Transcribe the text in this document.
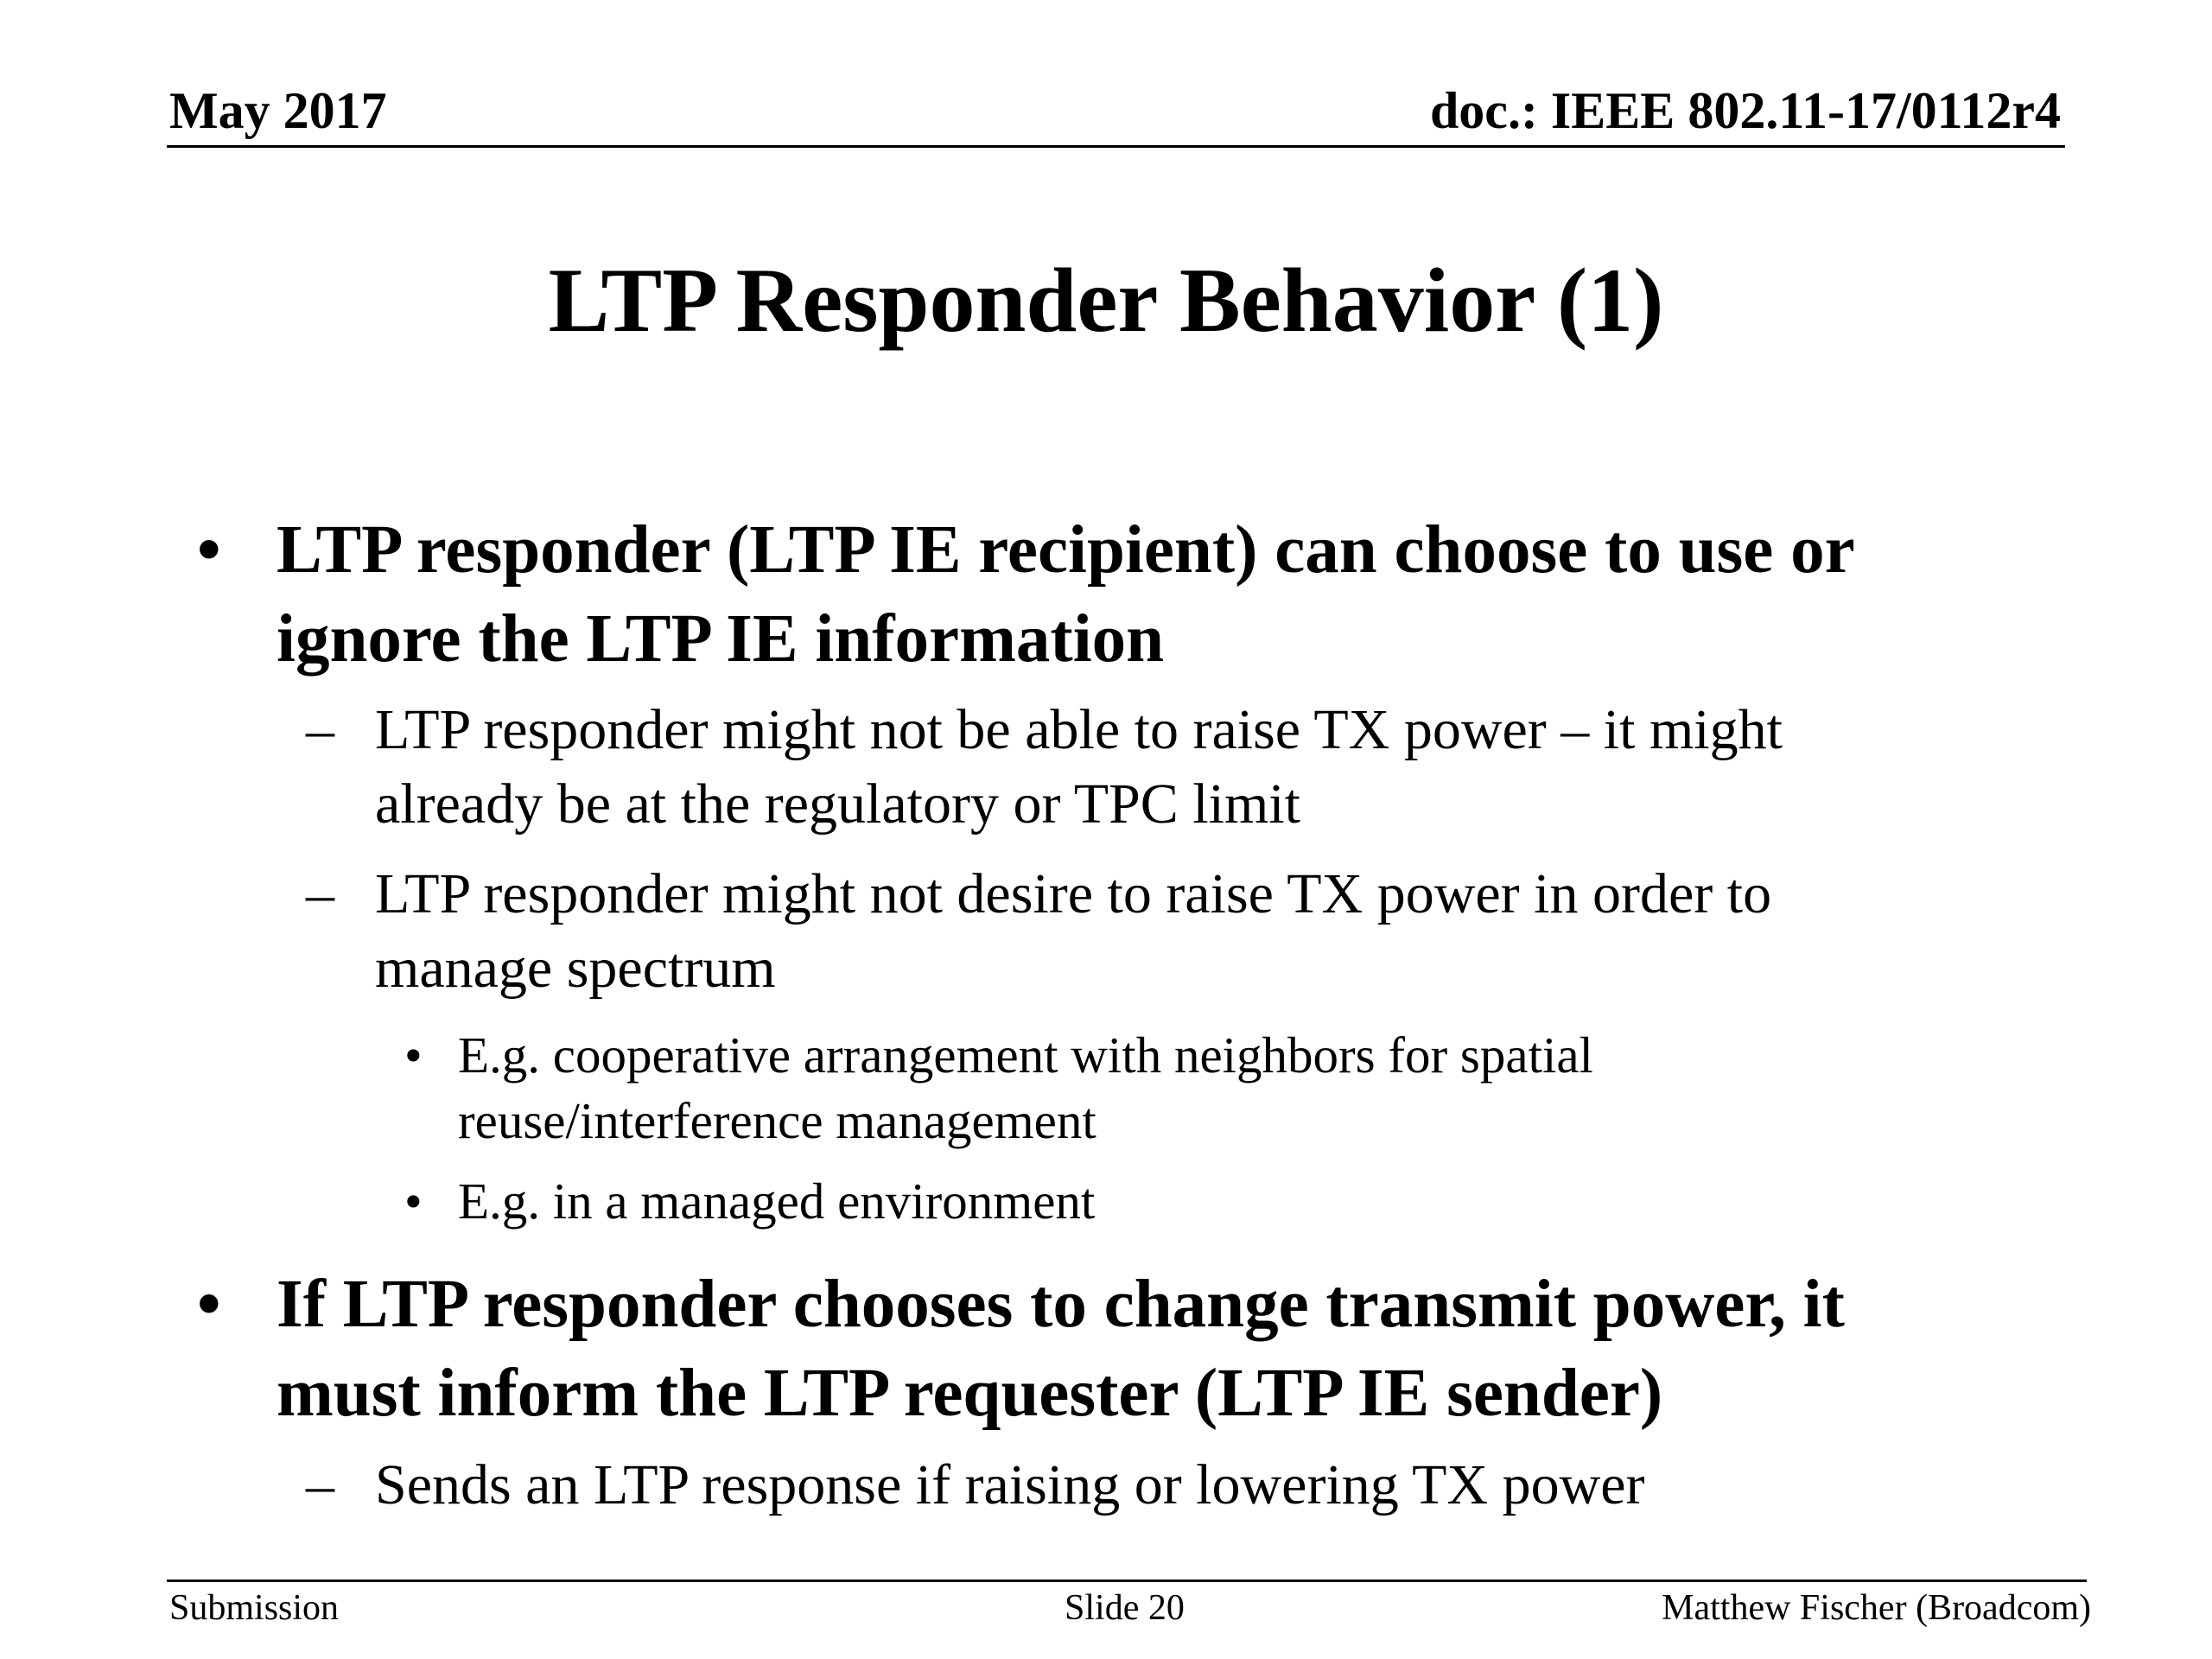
May 2017	doc.: IEEE 802.11-17/0112r4
LTP Responder Behavior (1)
• LTP responder (LTP IE recipient) can choose to use or
ignore the LTP IE information
– LTP responder might not be able to raise TX power – it might
already be at the regulatory or TPC limit
– LTP responder might not desire to raise TX power in order to
manage spectrum
• E.g. cooperative arrangement with neighbors for spatial
reuse/interference management
• E.g. in a managed environment
• If LTP responder chooses to change transmit power, it
must inform the LTP requester (LTP IE sender)
– Sends an LTP response if raising or lowering TX power
Submission	Slide 20	Matthew Fischer (Broadcom)
